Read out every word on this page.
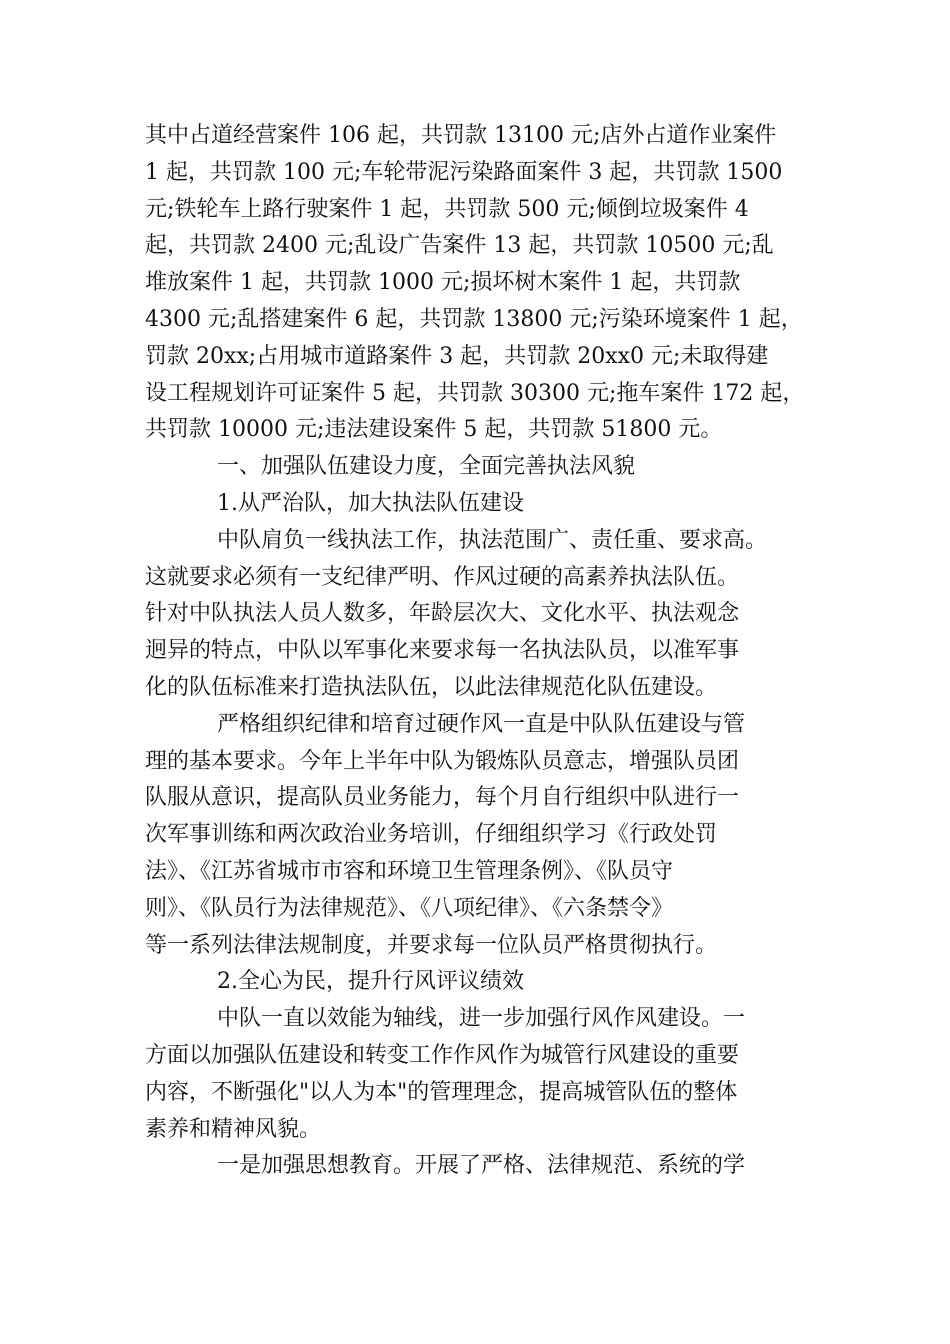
其中占道经营案件 106 起，共罚款 13100 元;店外占道作业案件
1 起，共罚款 100 元;车轮带泥污染路面案件 3 起，共罚款 1500
元;铁轮车上路行驶案件 1 起，共罚款 500 元;倾倒垃圾案件 4
起，共罚款 2400 元;乱设广告案件 13 起，共罚款 10500 元;乱
堆放案件 1 起，共罚款 1000 元;损坏树木案件 1 起，共罚款
4300 元;乱搭建案件 6 起，共罚款 13800 元;污染环境案件 1 起，
罚款 20xx;占用城市道路案件 3 起，共罚款 20xx0 元;未取得建
设工程规划许可证案件 5 起，共罚款 30300 元;拖车案件 172 起，
共罚款 10000 元;违法建设案件 5 起，共罚款 51800 元。

一、加强队伍建设力度，全面完善执法风貌

1.从严治队，加大执法队伍建设

中队肩负一线执法工作，执法范围广、责任重、要求高。
这就要求必须有一支纪律严明、作风过硬的高素养执法队伍。
针对中队执法人员人数多，年龄层次大、文化水平、执法观念
迥异的特点，中队以军事化来要求每一名执法队员，以准军事
化的队伍标准来打造执法队伍，以此法律规范化队伍建设。

严格组织纪律和培育过硬作风一直是中队队伍建设与管
理的基本要求。今年上半年中队为锻炼队员意志，增强队员团
队服从意识，提高队员业务能力，每个月自行组织中队进行一
次军事训练和两次政治业务培训，仔细组织学习《行政处罚
法》、《江苏省城市市容和环境卫生管理条例》、《队员守
则》、《队员行为法律规范》、《八项纪律》、《六条禁令》
等一系列法律法规制度，并要求每一位队员严格贯彻执行。

2.全心为民，提升行风评议绩效

中队一直以效能为轴线，进一步加强行风作风建设。一
方面以加强队伍建设和转变工作作风作为城管行风建设的重要
内容，不断强化"以人为本"的管理理念，提高城管队伍的整体
素养和精神风貌。

一是加强思想教育。开展了严格、法律规范、系统的学
